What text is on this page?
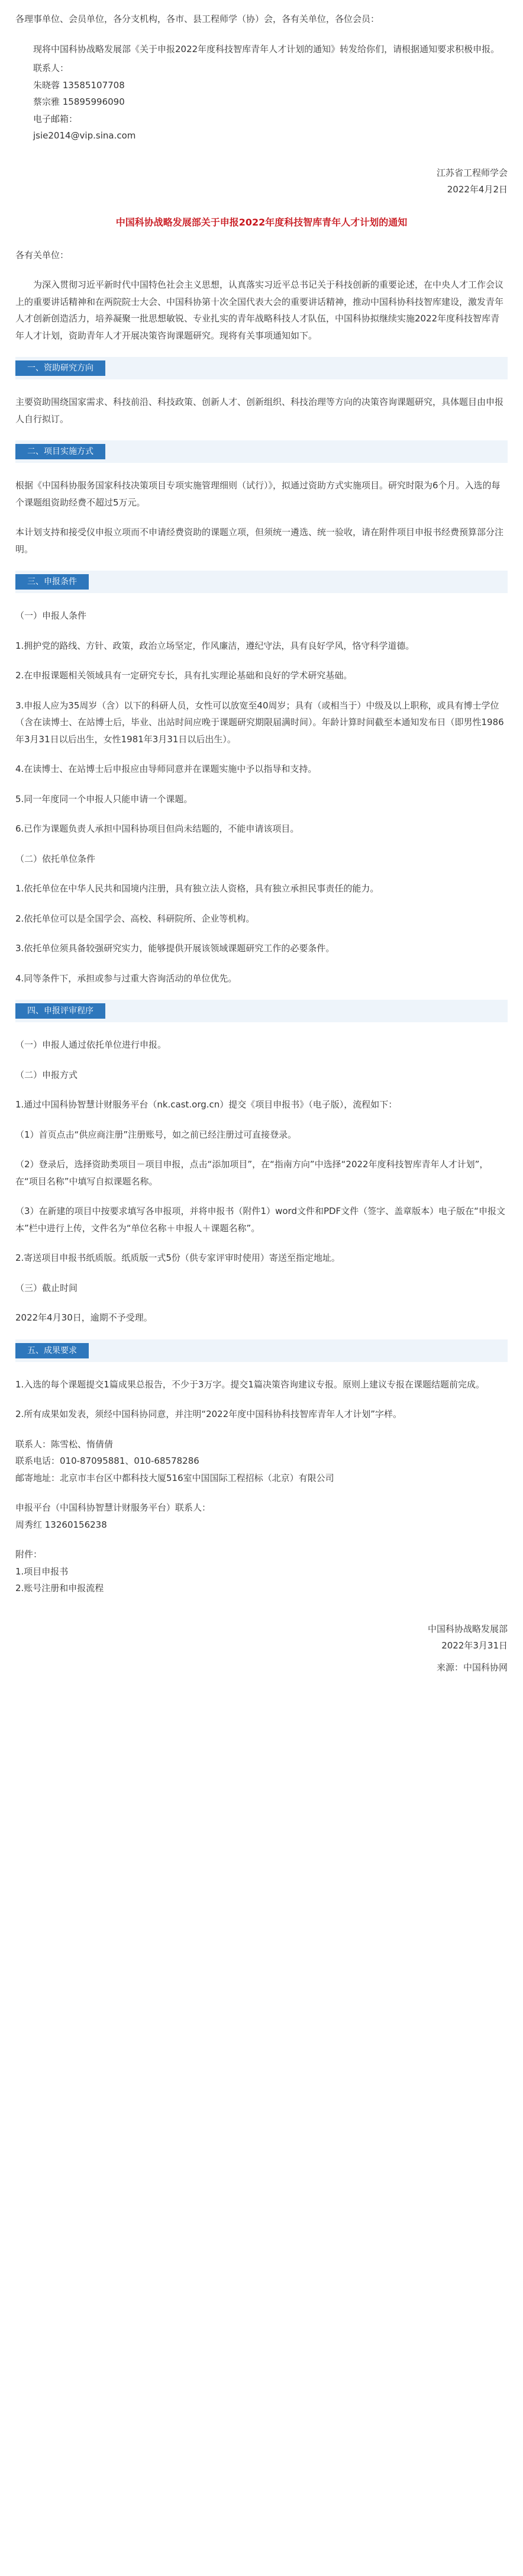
各理事单位、会员单位，各分支机构，各市、县工程师学（协）会，各有关单位，各位会员：

现将中国科协战略发展部《关于申报2022年度科技智库青年人才计划的通知》转发给你们，请根据通知要求积极申报。

联系人：

朱晓蓉 13585107708

蔡宗雅 15895996090

电子邮箱：

jsie2014@vip.sina.com

江苏省工程师学会

2022年4月2日

中国科协战略发展部关于申报2022年度科技智库青年人才计划的通知

各有关单位：

为深入贯彻习近平新时代中国特色社会主义思想，认真落实习近平总书记关于科技创新的重要论述，在中央人才工作会议上的重要讲话精神和在两院院士大会、中国科协第十次全国代表大会的重要讲话精神，推动中国科协科技智库建设，激发青年人才创新创造活力，培养凝聚一批思想敏锐、专业扎实的青年战略科技人才队伍，中国科协拟继续实施2022年度科技智库青年人才计划，资助青年人才开展决策咨询课题研究。现将有关事项通知如下。

一、资助研究方向

主要资助围绕国家需求、科技前沿、科技政策、创新人才、创新组织、科技治理等方向的决策咨询课题研究，具体题目由申报人自行拟订。

二、项目实施方式

根据《中国科协服务国家科技决策项目专项实施管理细则（试行）》，拟通过资助方式实施项目。研究时限为6个月。入选的每个课题组资助经费不超过5万元。

本计划支持和接受仪申报立项而不申请经费资助的课题立项，但须统一遴选、统一验收，请在附件项目申报书经费预算部分注明。

三、申报条件

（一）申报人条件

1.拥护党的路线、方针、政策，政治立场坚定，作风廉洁，遵纪守法，具有良好学风，恪守科学道德。

2.在申报课题相关领域具有一定研究专长，具有扎实理论基础和良好的学术研究基础。

3.申报人应为35周岁（含）以下的科研人员，女性可以放宽至40周岁；具有（或相当于）中级及以上职称，或具有博士学位（含在读博士、在站博士后，毕业、出站时间应晚于课题研究期限届满时间）。年龄计算时间截至本通知发布日（即男性1986年3月31日以后出生，女性1981年3月31日以后出生）。

4.在读博士、在站博士后申报应由导师同意并在课题实施中予以指导和支持。

5.同一年度同一个申报人只能申请一个课题。

6.已作为课题负责人承担中国科协项目但尚未结题的，不能申请该项目。

（二）依托单位条件

1.依托单位在中华人民共和国境内注册，具有独立法人资格，具有独立承担民事责任的能力。

2.依托单位可以是全国学会、高校、科研院所、企业等机构。

3.依托单位须具备较强研究实力，能够提供开展该领域课题研究工作的必要条件。

4.同等条件下，承担或参与过重大咨询活动的单位优先。

四、申报评审程序

（一）申报人通过依托单位进行申报。

（二）申报方式

1.通过中国科协智慧计财服务平台（nk.cast.org.cn）提交《项目申报书》（电子版），流程如下：

（1）首页点击“供应商注册”注册账号，如之前已经注册过可直接登录。

（2）登录后，选择资助类项目－项目申报，点击“添加项目”，在“指南方向”中选择“2022年度科技智库青年人才计划”，在“项目名称”中填写自拟课题名称。

（3）在新建的项目中按要求填写各申报项，并将申报书（附件1）word文件和PDF文件（签字、盖章版本）电子版在“申报文本”栏中进行上传，文件名为“单位名称＋申报人＋课题名称”。

2.寄送项目申报书纸质版。纸质版一式5份（供专家评审时使用）寄送至指定地址。

（三）截止时间

2022年4月30日，逾期不予受理。

五、成果要求

1.入选的每个课题提交1篇成果总报告，不少于3万字。提交1篇决策咨询建议专报。原则上建议专报在课题结题前完成。

2.所有成果如发表，须经中国科协同意，并注明“2022年度中国科协科技智库青年人才计划”字样。

联系人：陈雪松、惰倩倩

联系电话：010-87095881、010-68578286

邮寄地址：北京市丰台区中都科技大厦516室中国国际工程招标（北京）有限公司

申报平台（中国科协智慧计财服务平台）联系人：

周秀红 13260156238

附件：

1.项目申报书

2.账号注册和申报流程

中国科协战略发展部

2022年3月31日

来源：中国科协网
